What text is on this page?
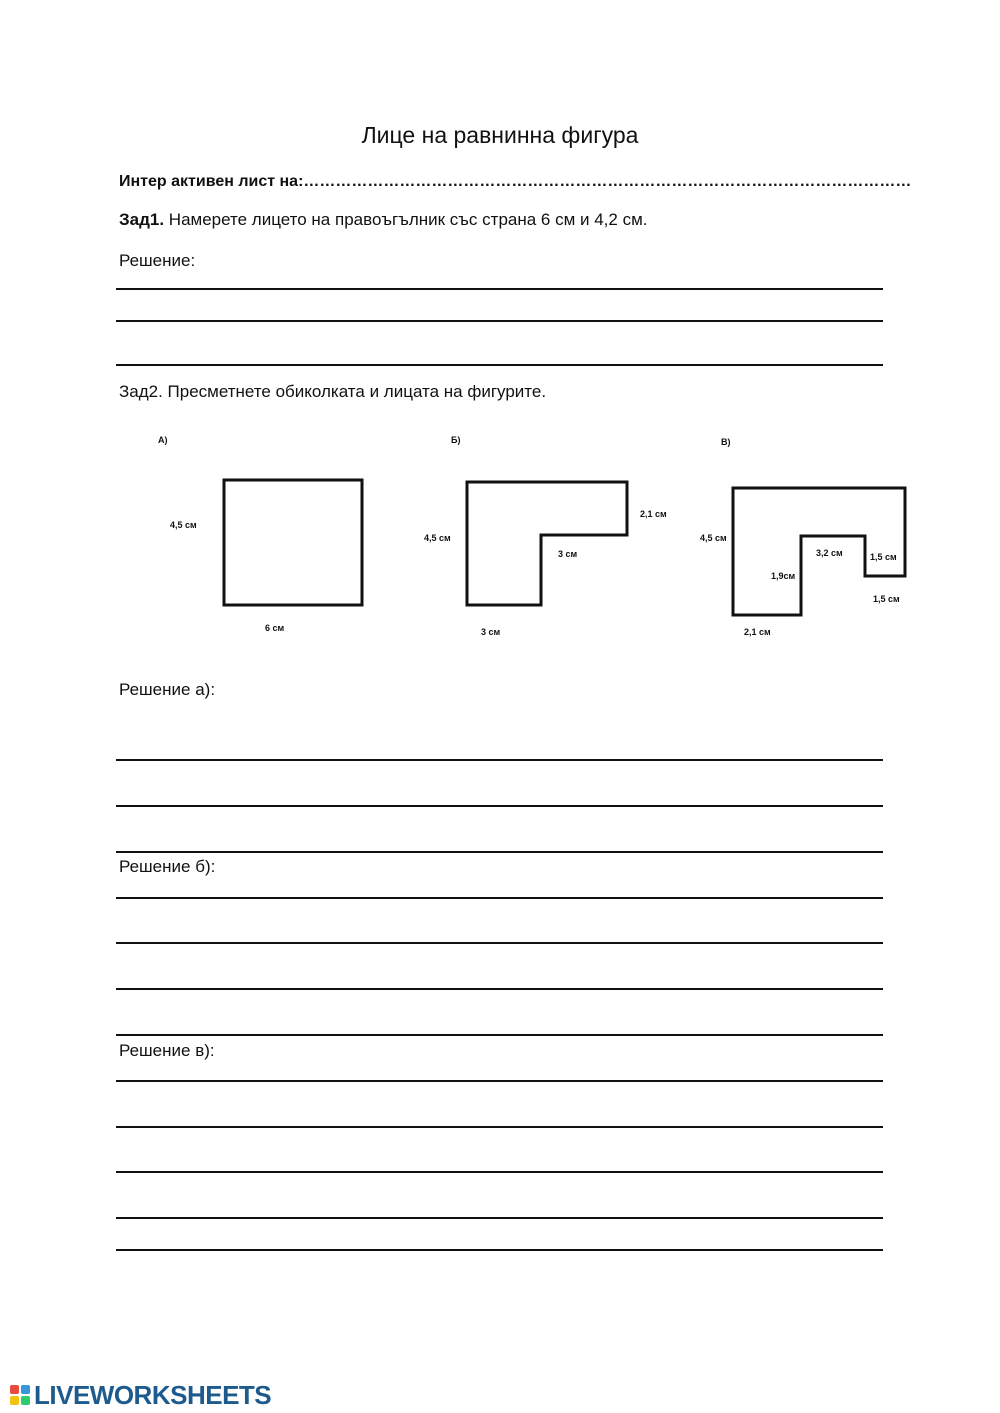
Лице на равнинна фигура
Интер активен лист на:……………………………………………………………………………………………………
Зад1. Намерете лицето на правоъгълник със страна 6 см и 4,2 см.
Решение:
Зад2. Пресметнете обиколката и лицата на фигурите.
А)
4,5 см
6 см
Б)
2,1 см
4,5 см
3 см
3 см
В)
4,5 см
3,2 см	1,5 см
1,9см
1,5 см
2,1 см
Решение а):
Решение б):
Решение в):
LIVEWORKSHEETS
